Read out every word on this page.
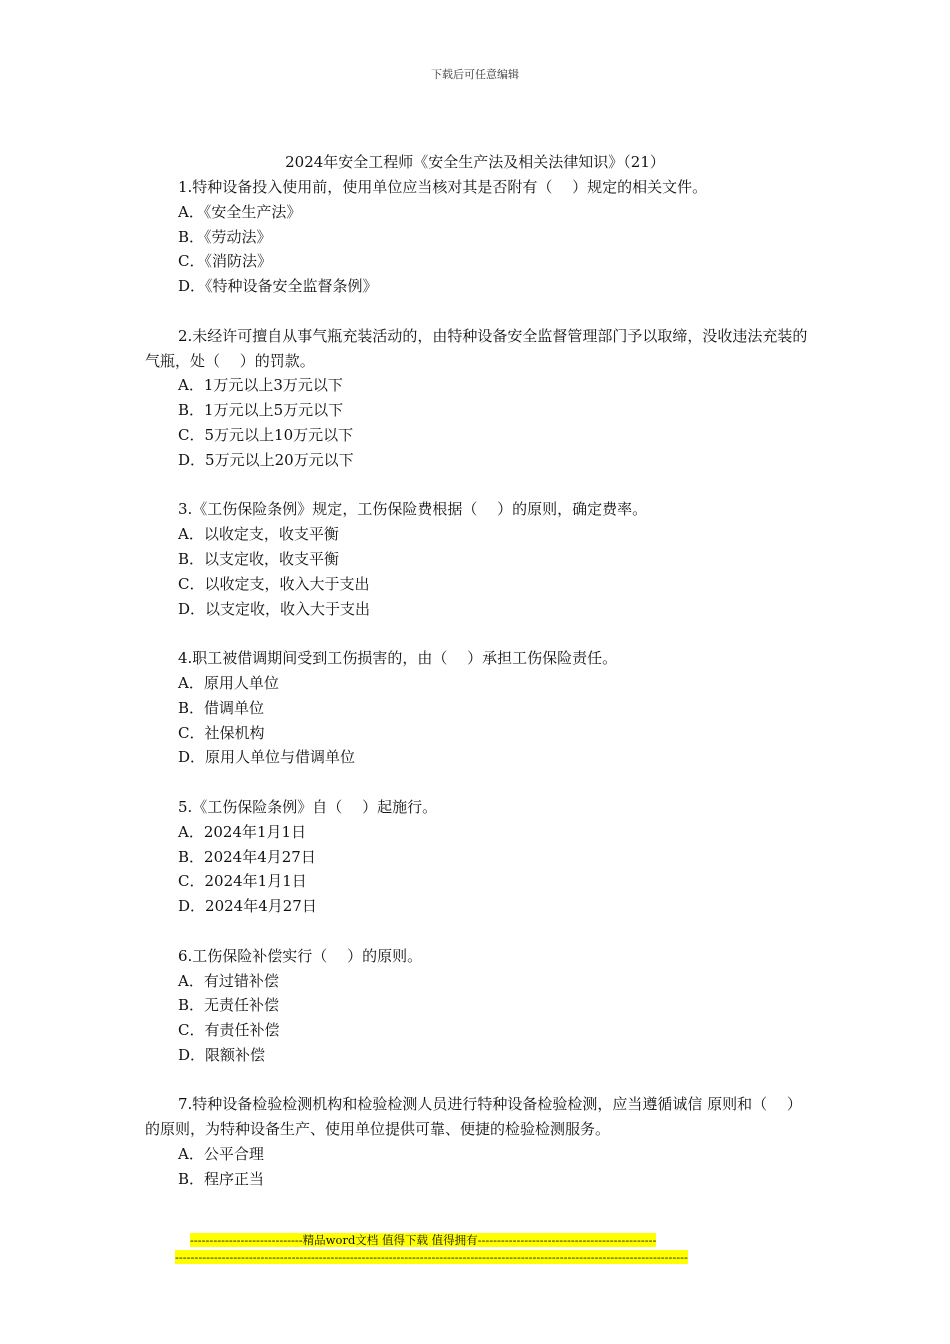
下载后可任意编辑
2024年安全工程师《安全生产法及相关法律知识》（21）

1.特种设备投入使用前，使用单位应当核对其是否附有（　 ）规定的相关文件。

A．《安全生产法》

B．《劳动法》

C．《消防法》

D．《特种设备安全监督条例》

2.未经许可擅自从事气瓶充装活动的，由特种设备安全监督管理部门予以取缔，没收违法充装的气瓶，处（　 ）的罚款。

A．1万元以上3万元以下

B．1万元以上5万元以下

C．5万元以上10万元以下

D．5万元以上20万元以下

3.《工伤保险条例》规定，工伤保险费根据（　 ）的原则，确定费率。

A．以收定支，收支平衡

B．以支定收，收支平衡

C．以收定支，收入大于支出

D．以支定收，收入大于支出

4.职工被借调期间受到工伤损害的，由（　 ）承担工伤保险责任。

A．原用人单位

B．借调单位

C．社保机构

D．原用人单位与借调单位

5.《工伤保险条例》自（　 ）起施行。

A．2024年1月1日

B．2024年4月27日

C．2024年1月1日

D．2024年4月27日

6.工伤保险补偿实行（　 ）的原则。

A．有过错补偿

B．无责任补偿

C．有责任补偿

D．限额补偿

7.特种设备检验检测机构和检验检测人员进行特种设备检验检测，应当遵循诚信 原则和（　 ）的原则，为特种设备生产、使用单位提供可靠、便捷的检验检测服务。

A．公平合理

B．程序正当

-----------------------------精品word文档 值得下载 值得拥有----------------------------------------------
------------------------------------------------------------------------------------------------------------------------------------
